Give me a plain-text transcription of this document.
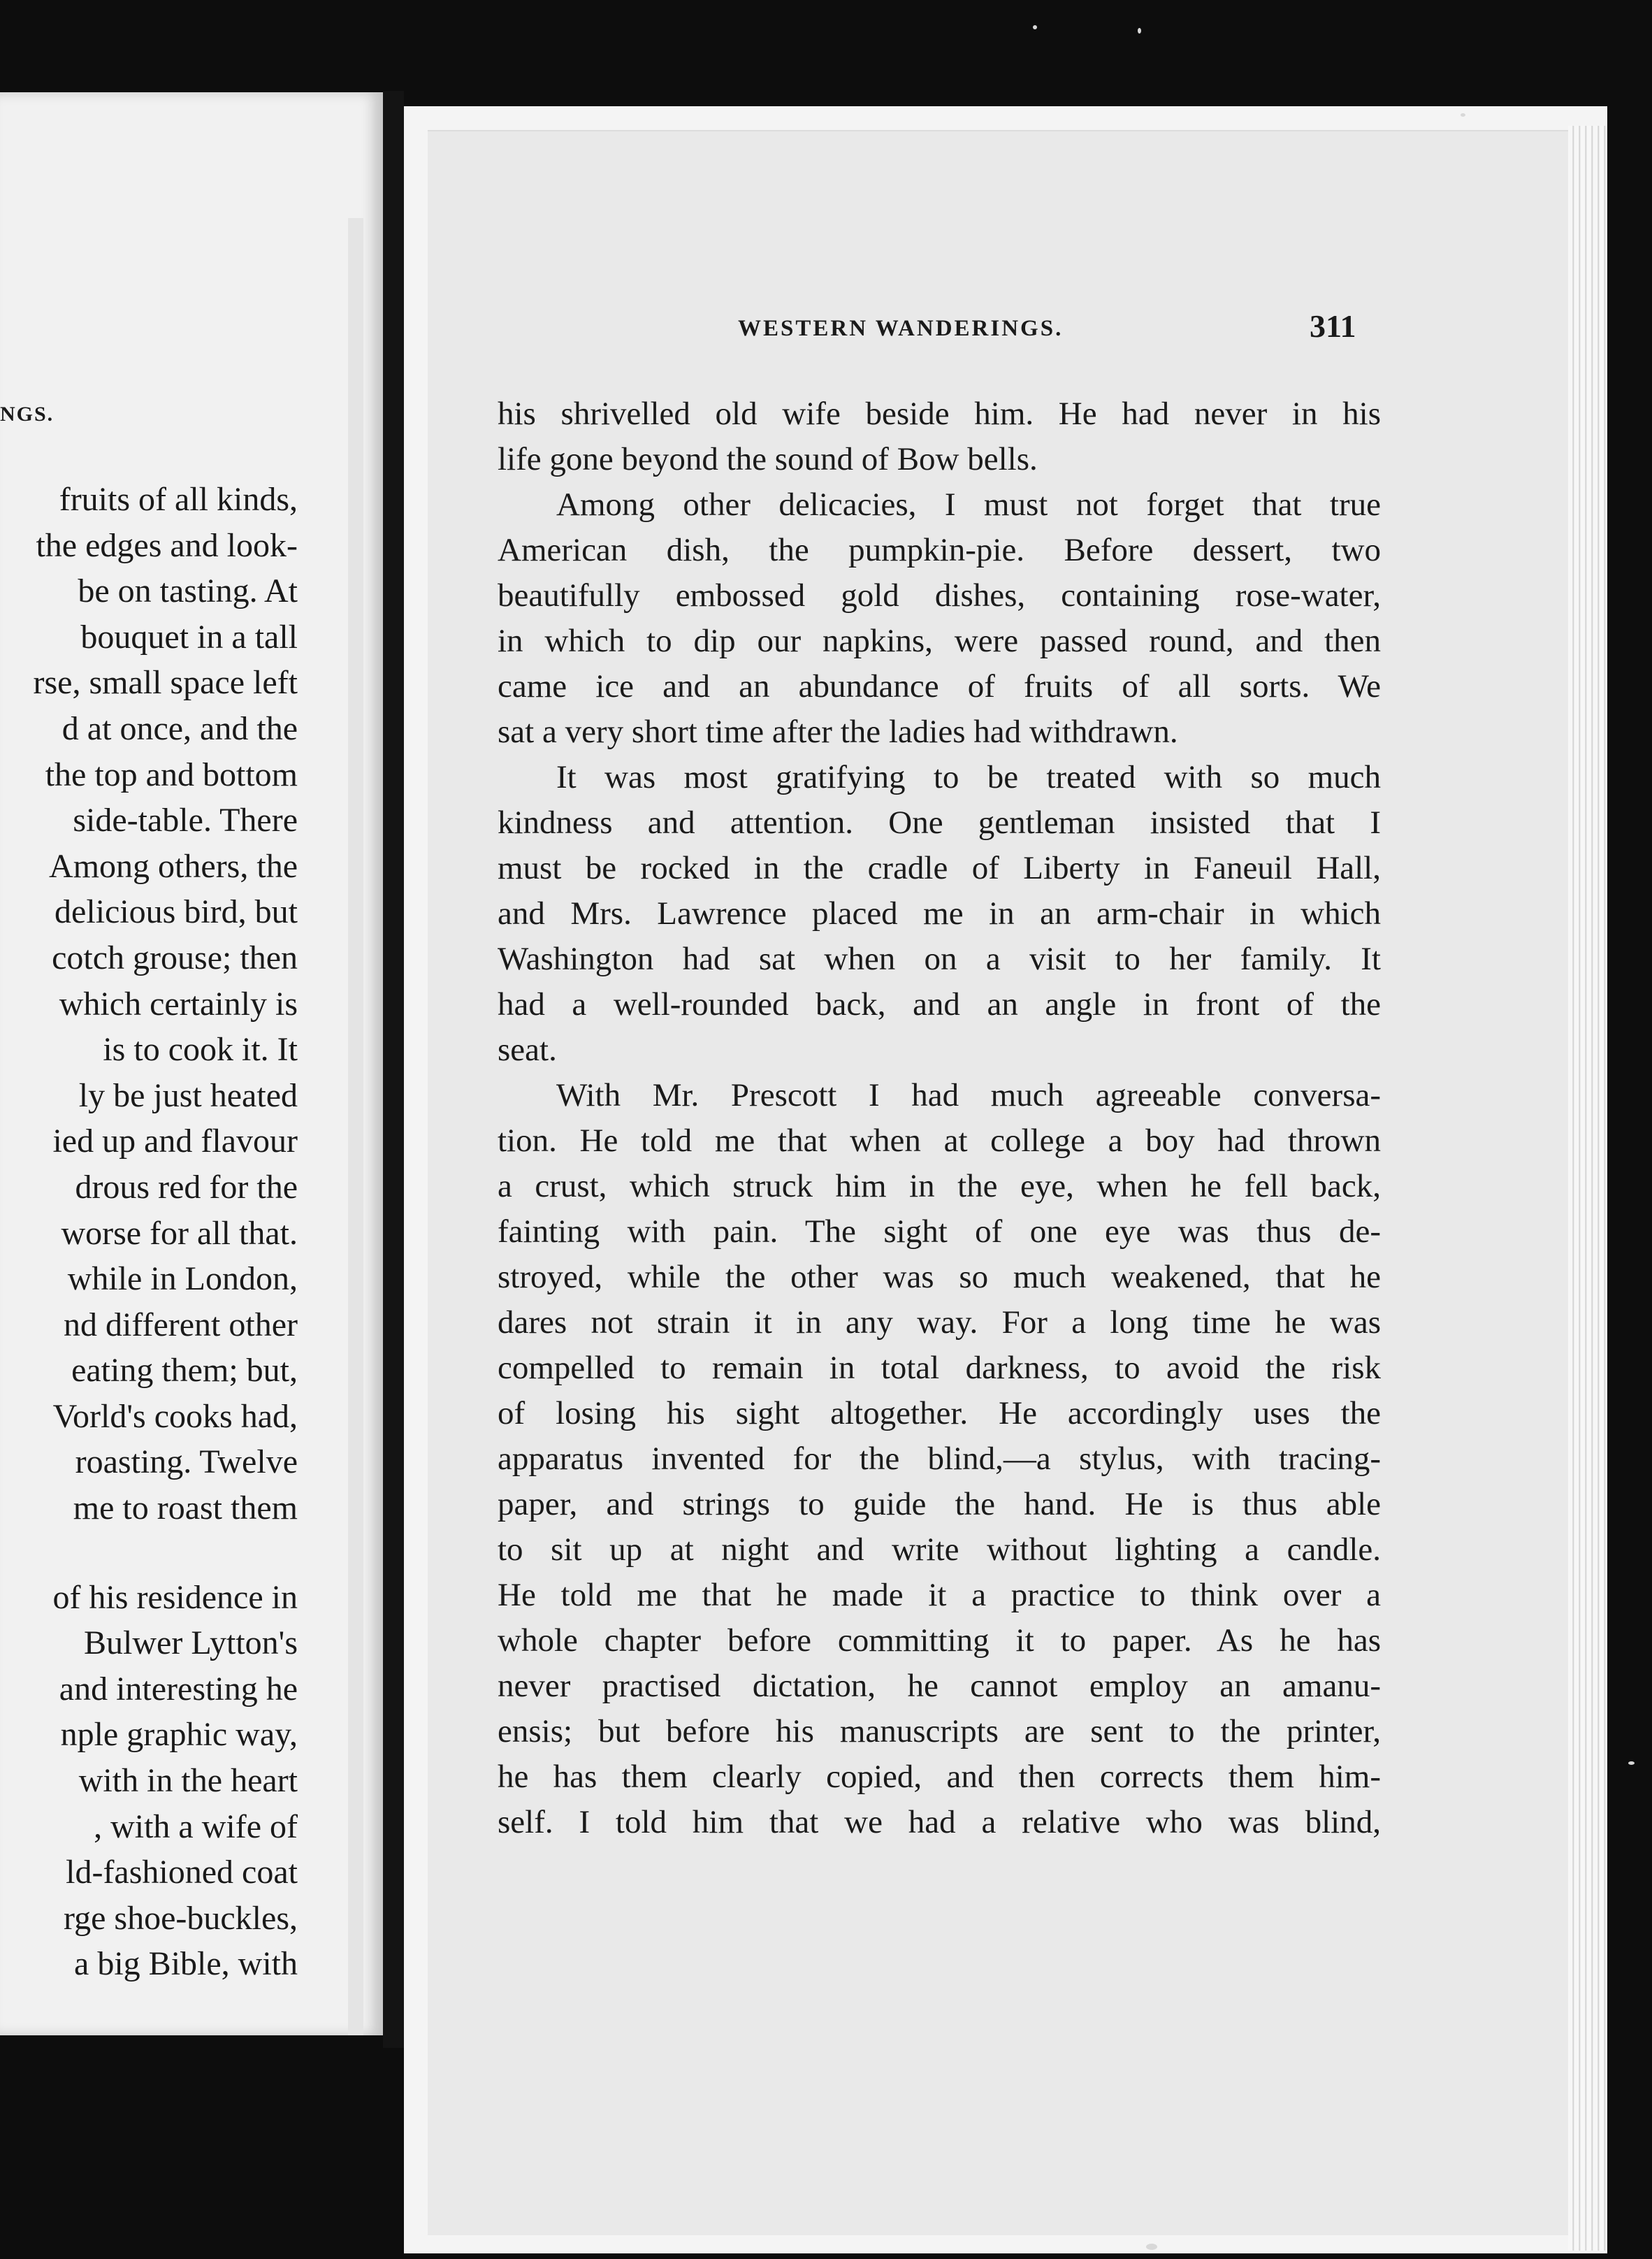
NGS.
fruits of all kinds,
the edges and look-
be on tasting. At
bouquet in a tall
rse, small space left
d at once, and the
the top and bottom
side-table. There
Among others, the
delicious bird, but
cotch grouse; then
which certainly is
is to cook it. It
ly be just heated
ied up and flavour
drous red for the
worse for all that.
while in London,
nd different other
eating them; but,
Vorld's cooks had,
roasting. Twelve
me to roast them
of his residence in
Bulwer Lytton's
and interesting he
nple graphic way,
with in the heart
, with a wife of
ld-fashioned coat
rge shoe-buckles,
a big Bible, with
WESTERN WANDERINGS.	311
his shrivelled old wife beside him. He had never in his
life gone beyond the sound of Bow bells.
Among other delicacies, I must not forget that true
American dish, the pumpkin-pie. Before dessert, two
beautifully embossed gold dishes, containing rose-water,
in which to dip our napkins, were passed round, and then
came ice and an abundance of fruits of all sorts. We
sat a very short time after the ladies had withdrawn.
It was most gratifying to be treated with so much
kindness and attention. One gentleman insisted that I
must be rocked in the cradle of Liberty in Faneuil Hall,
and Mrs. Lawrence placed me in an arm-chair in which
Washington had sat when on a visit to her family. It
had a well-rounded back, and an angle in front of the
seat.
With Mr. Prescott I had much agreeable conversa-
tion. He told me that when at college a boy had thrown
a crust, which struck him in the eye, when he fell back,
fainting with pain. The sight of one eye was thus de-
stroyed, while the other was so much weakened, that he
dares not strain it in any way. For a long time he was
compelled to remain in total darkness, to avoid the risk
of losing his sight altogether. He accordingly uses the
apparatus invented for the blind,—a stylus, with tracing-
paper, and strings to guide the hand. He is thus able
to sit up at night and write without lighting a candle.
He told me that he made it a practice to think over a
whole chapter before committing it to paper. As he has
never practised dictation, he cannot employ an amanu-
ensis; but before his manuscripts are sent to the printer,
he has them clearly copied, and then corrects them him-
self. I told him that we had a relative who was blind,
